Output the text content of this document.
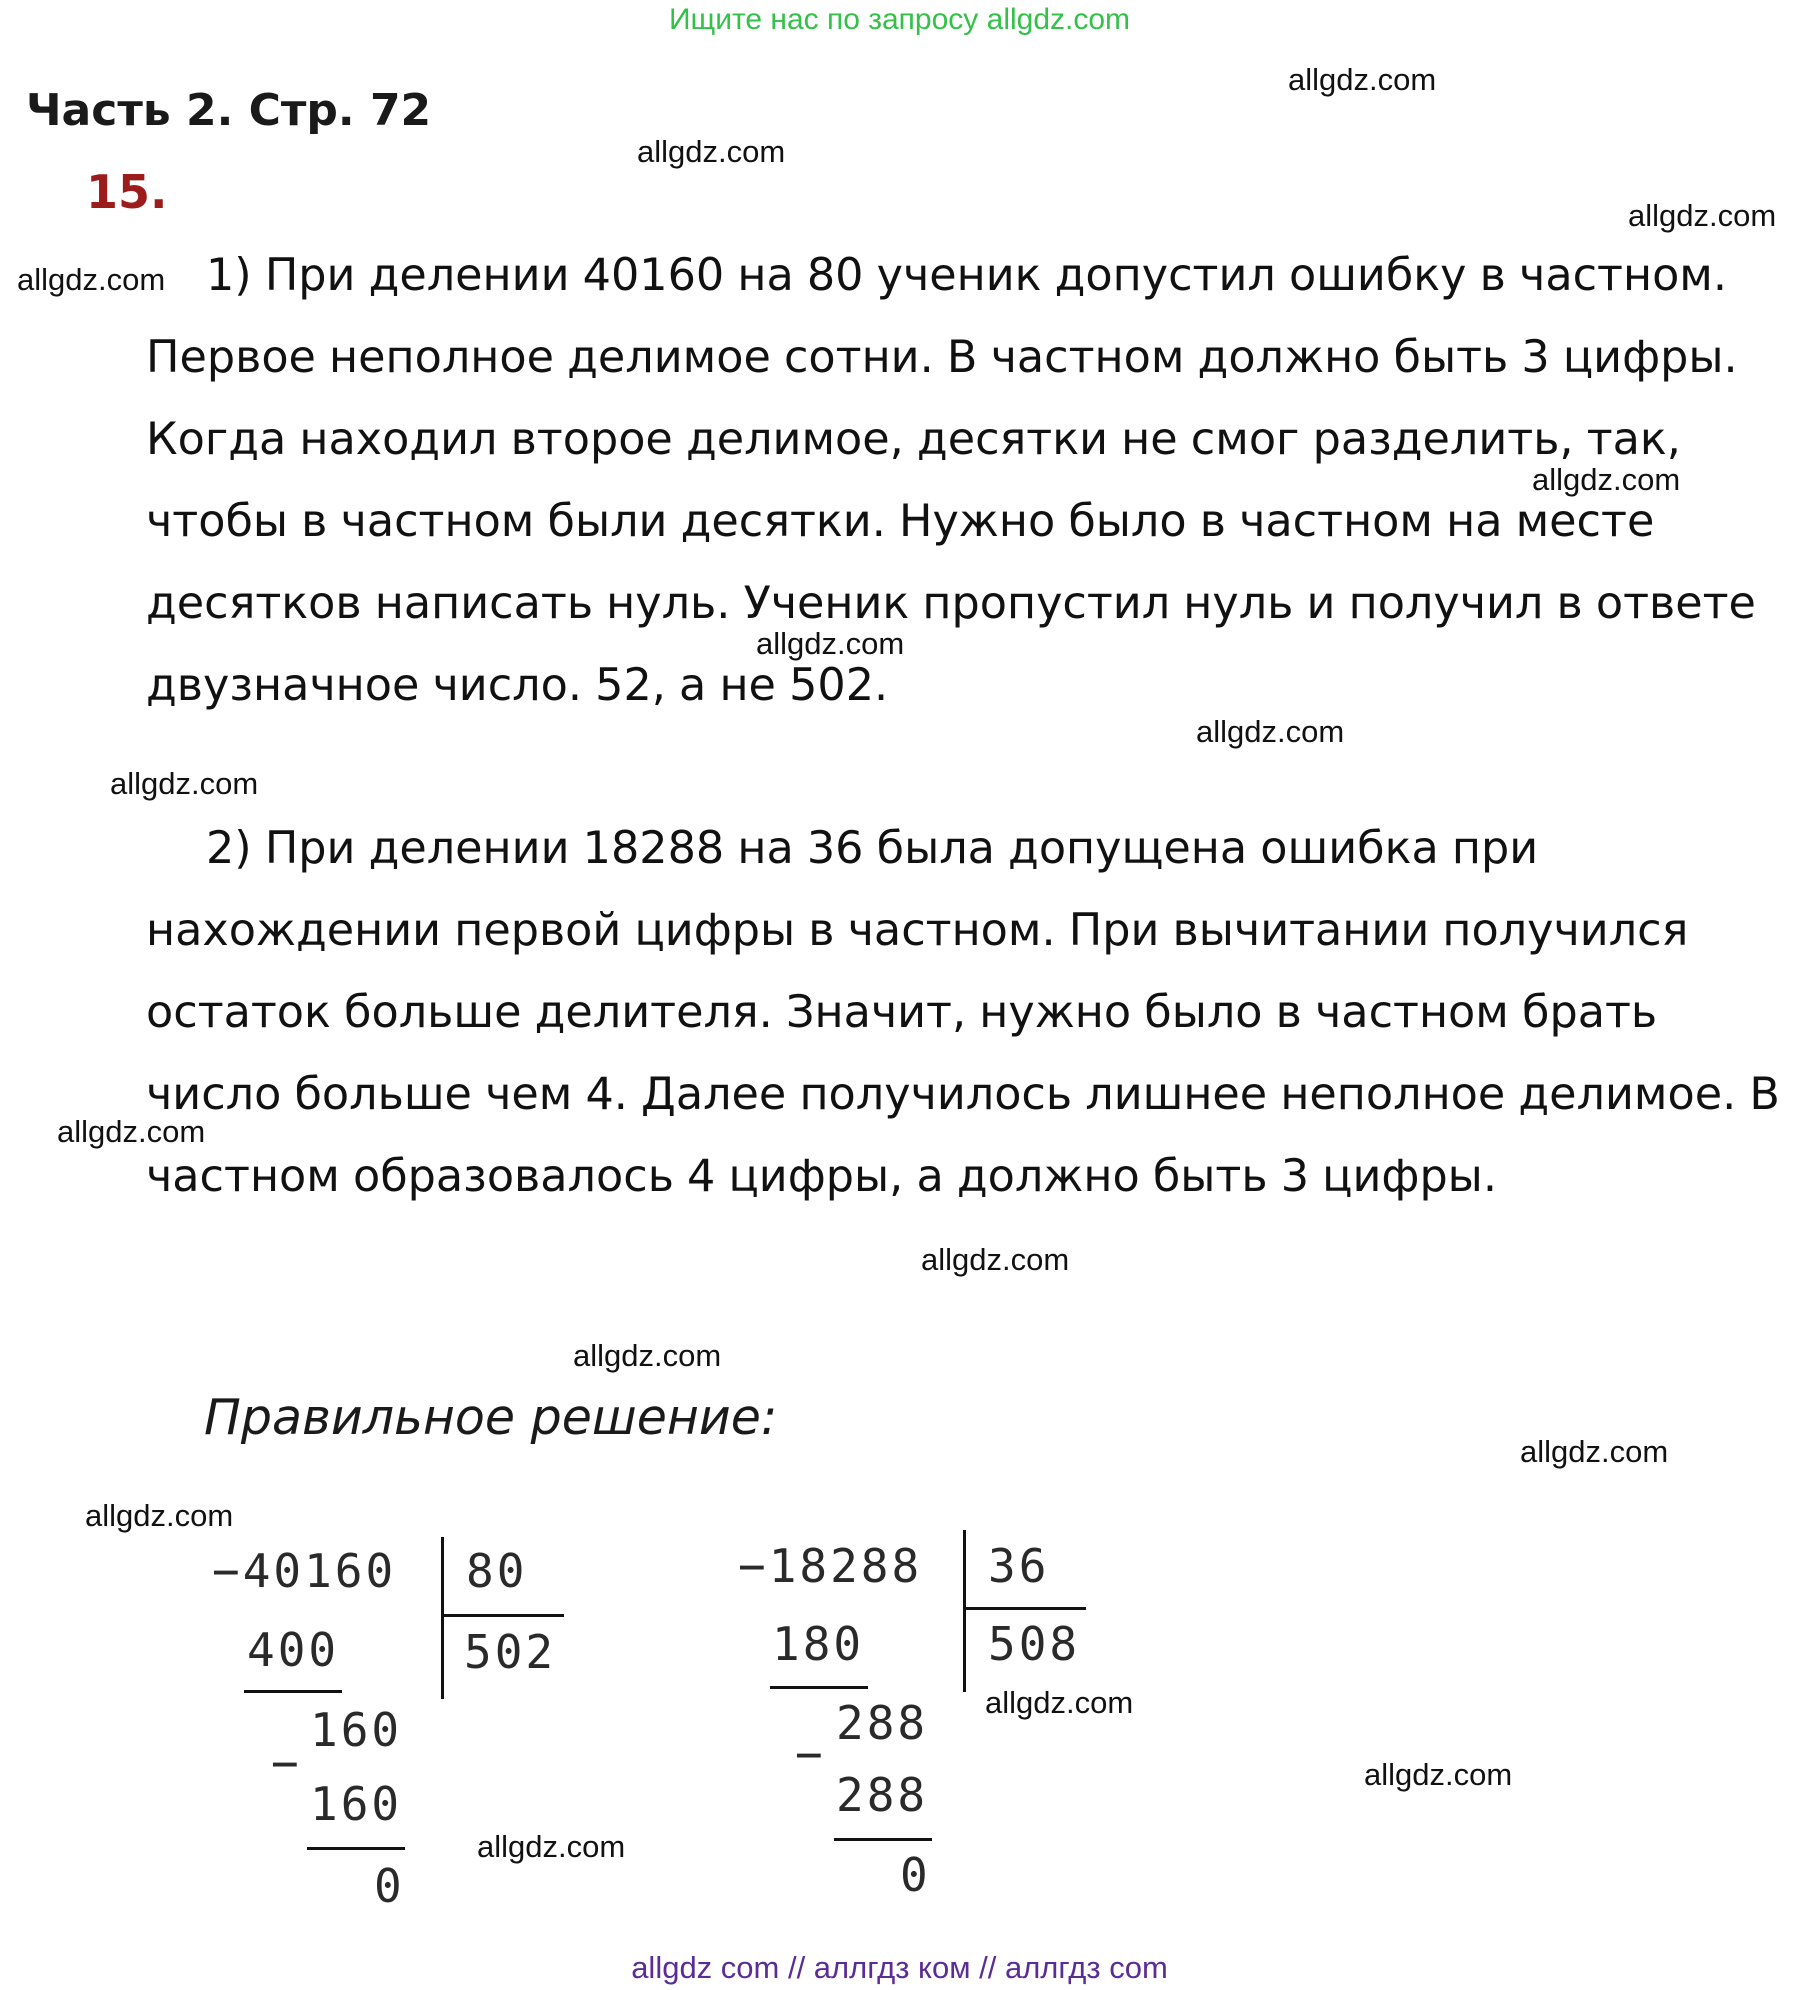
Ищите нас по запросу allgdz.com
Часть 2. Стр. 72
15.
1) При делении 40160 на 80 ученик допустил ошибку в частном. Первое неполное делимое сотни. В частном должно быть 3 цифры. Когда находил второе делимое, десятки не смог разделить, так, чтобы в частном были десятки. Нужно было в частном на месте десятков написать нуль. Ученик пропустил нуль и получил в ответе двузначное число. 52, а не 502.
2) При делении 18288 на 36 была допущена ошибка при нахождении первой цифры в частном. При вычитании получился остаток больше делителя. Значит, нужно было в частном брать число больше чем 4. Далее получилось лишнее неполное делимое. В частном образовалось 4 цифры, а должно быть 3 цифры.
Правильное решение:
−40160 80
502
400
−
160
160
0
−18288 36
508
180
−
288
288
0
allgdz.com
allgdz.com
allgdz.com
allgdz.com
allgdz.com
allgdz.com
allgdz.com
allgdz.com
allgdz.com
allgdz.com
allgdz.com
allgdz.com
allgdz.com
allgdz.com
allgdz.com
allgdz.com
allgdz com // аллгдз ком // аллгдз com
